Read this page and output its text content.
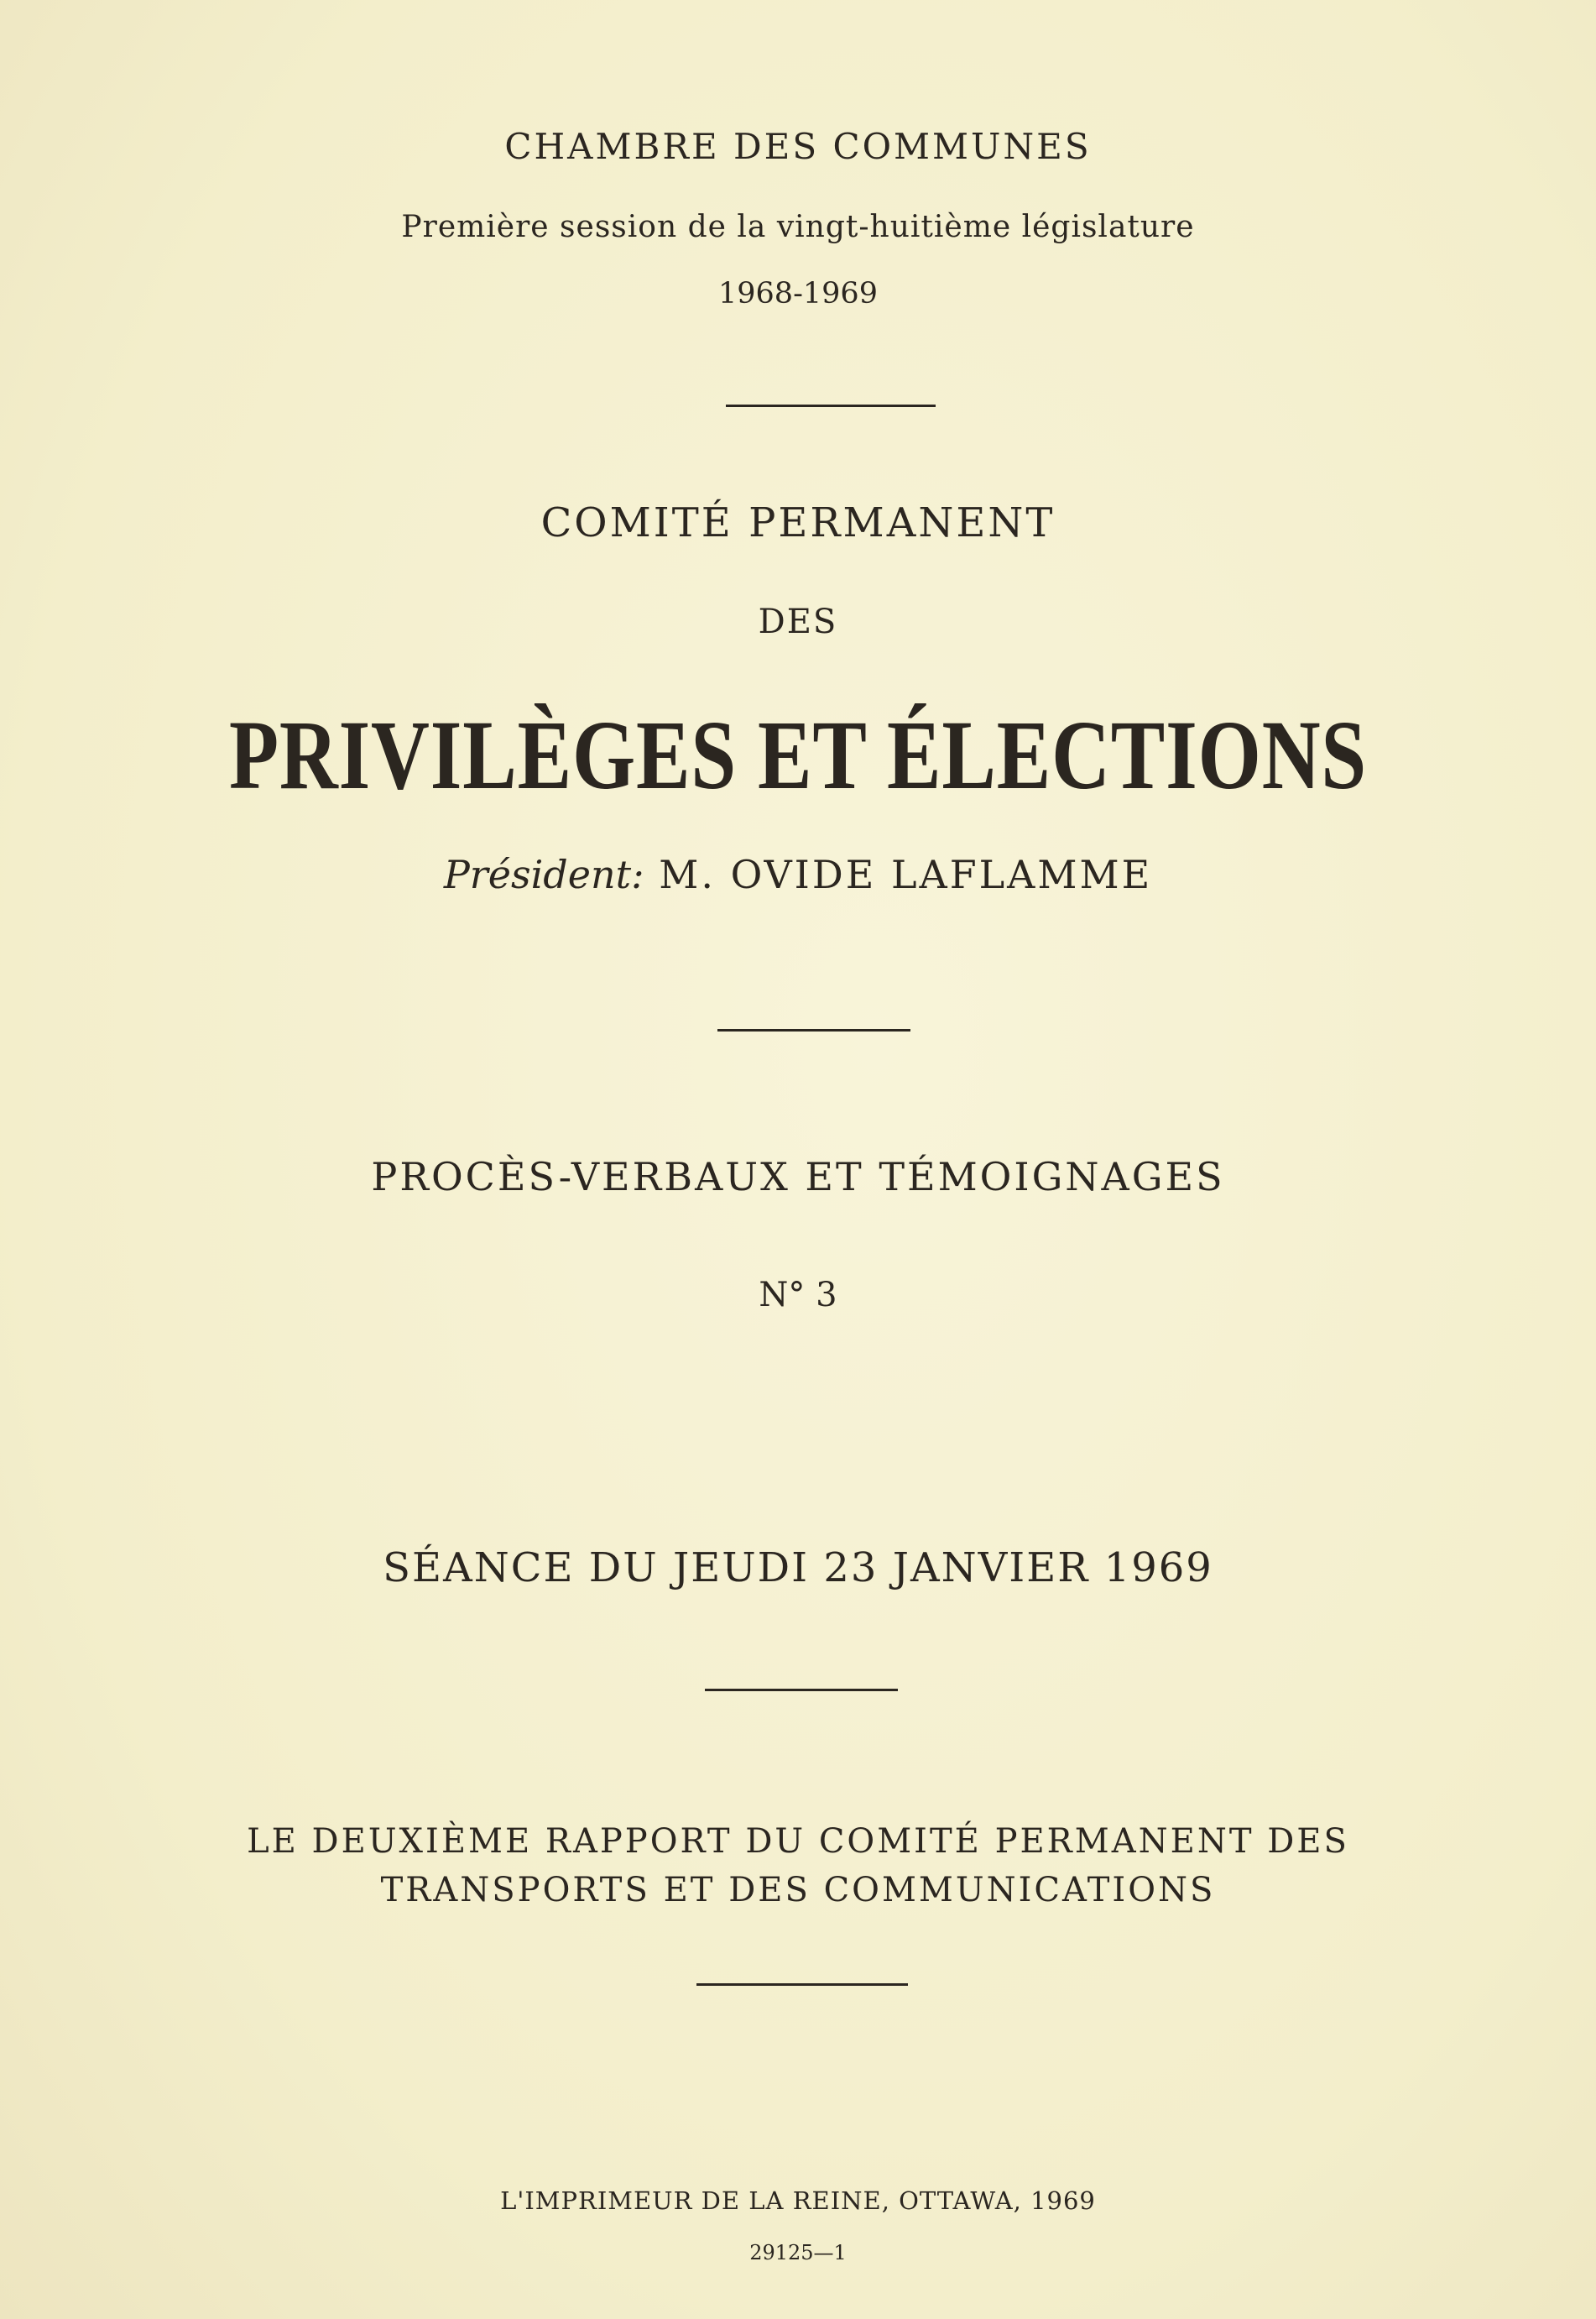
CHAMBRE DES COMMUNES
Première session de la vingt-huitième législature
1968-1969
COMITÉ PERMANENT
DES
PRIVILÈGES ET ÉLECTIONS
Président: M. OVIDE LAFLAMME
PROCÈS-VERBAUX ET TÉMOIGNAGES
N° 3
SÉANCE DU JEUDI 23 JANVIER 1969
LE DEUXIÈME RAPPORT DU COMITÉ PERMANENT DES
TRANSPORTS ET DES COMMUNICATIONS
L'IMPRIMEUR DE LA REINE, OTTAWA, 1969
29125—1
